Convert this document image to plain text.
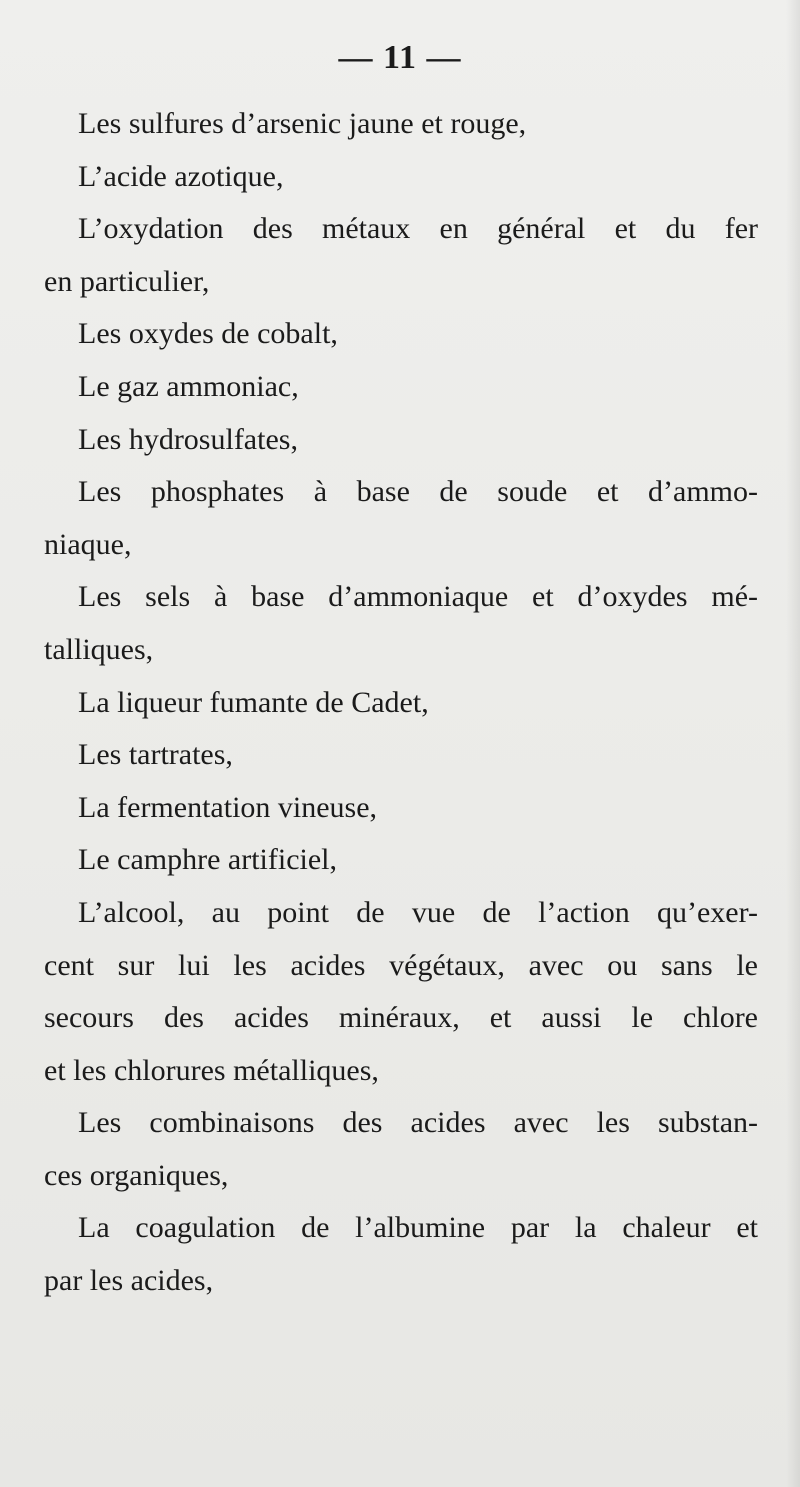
— 11 —
Les sulfures d’arsenic jaune et rouge,
L’acide azotique,
L’oxydation des métaux en général et du fer
en particulier,
Les oxydes de cobalt,
Le gaz ammoniac,
Les hydrosulfates,
Les phosphates à base de soude et d’ammo-
niaque,
Les sels à base d’ammoniaque et d’oxydes mé-
talliques,
La liqueur fumante de Cadet,
Les tartrates,
La fermentation vineuse,
Le camphre artificiel,
L’alcool, au point de vue de l’action qu’exer-
cent sur lui les acides végétaux, avec ou sans le
secours des acides minéraux, et aussi le chlore
et les chlorures métalliques,
Les combinaisons des acides avec les substan-
ces organiques,
La coagulation de l’albumine par la chaleur et
par les acides,
